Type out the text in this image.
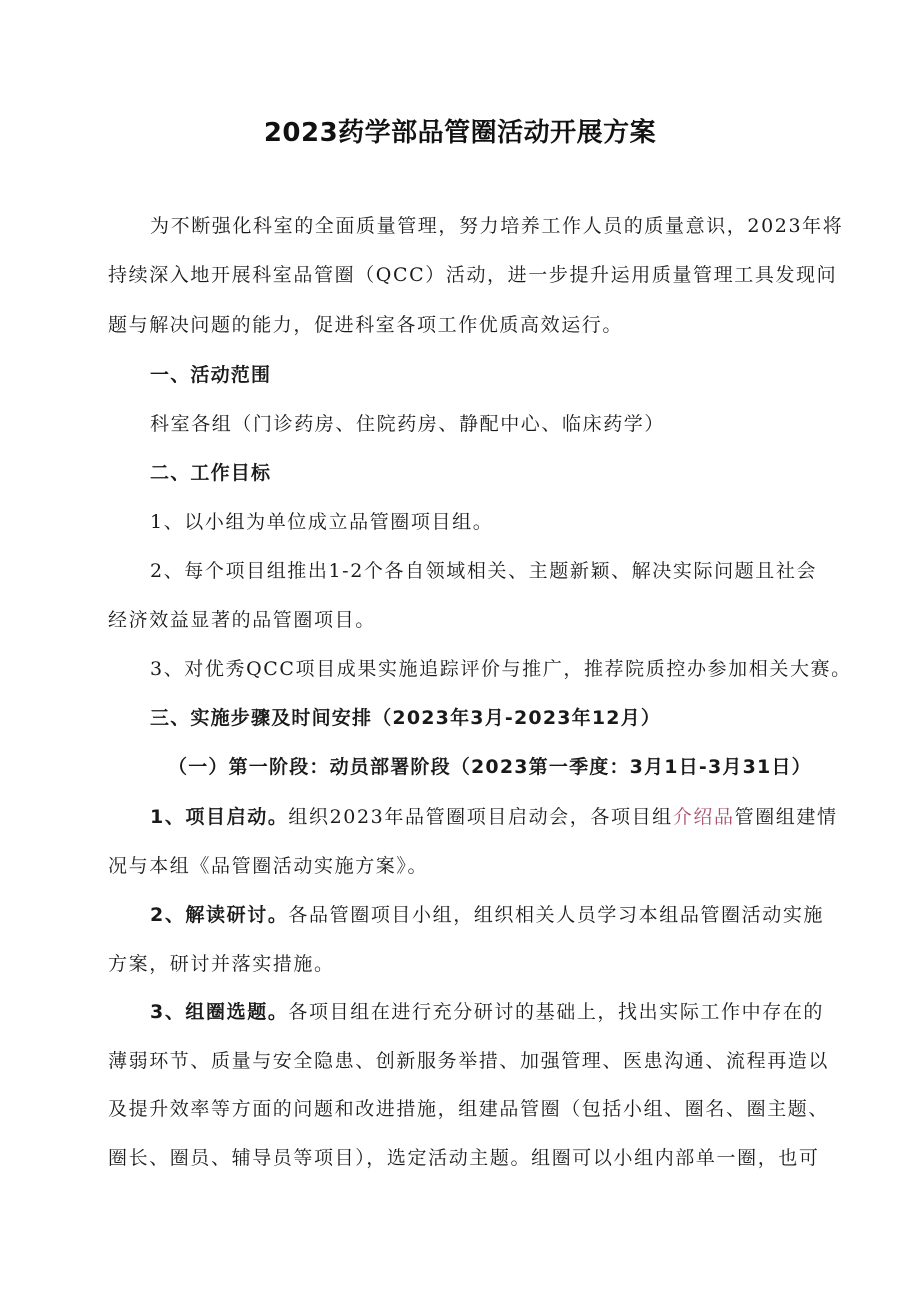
2023药学部品管圈活动开展方案
为不断强化科室的全面质量管理，努力培养工作人员的质量意识，2023年将
持续深入地开展科室品管圈（QCC）活动，进一步提升运用质量管理工具发现问
题与解决问题的能力，促进科室各项工作优质高效运行。
一、活动范围
科室各组（门诊药房、住院药房、静配中心、临床药学）
二、工作目标
1、以小组为单位成立品管圈项目组。
2、每个项目组推出1-2个各自领域相关、主题新颖、解决实际问题且社会
经济效益显著的品管圈项目。
3、对优秀QCC项目成果实施追踪评价与推广，推荐院质控办参加相关大赛。
三、实施步骤及时间安排（2023年3月-2023年12月）
（一）第一阶段：动员部署阶段（2023第一季度：3月1日-3月31日）
1、项目启动。组织2023年品管圈项目启动会，各项目组介绍品管圈组建情
况与本组《品管圈活动实施方案》。
2、解读研讨。各品管圈项目小组，组织相关人员学习本组品管圈活动实施
方案，研讨并落实措施。
3、组圈选题。各项目组在进行充分研讨的基础上，找出实际工作中存在的
薄弱环节、质量与安全隐患、创新服务举措、加强管理、医患沟通、流程再造以
及提升效率等方面的问题和改进措施，组建品管圈（包括小组、圈名、圈主题、
圈长、圈员、辅导员等项目），选定活动主题。组圈可以小组内部单一圈，也可
